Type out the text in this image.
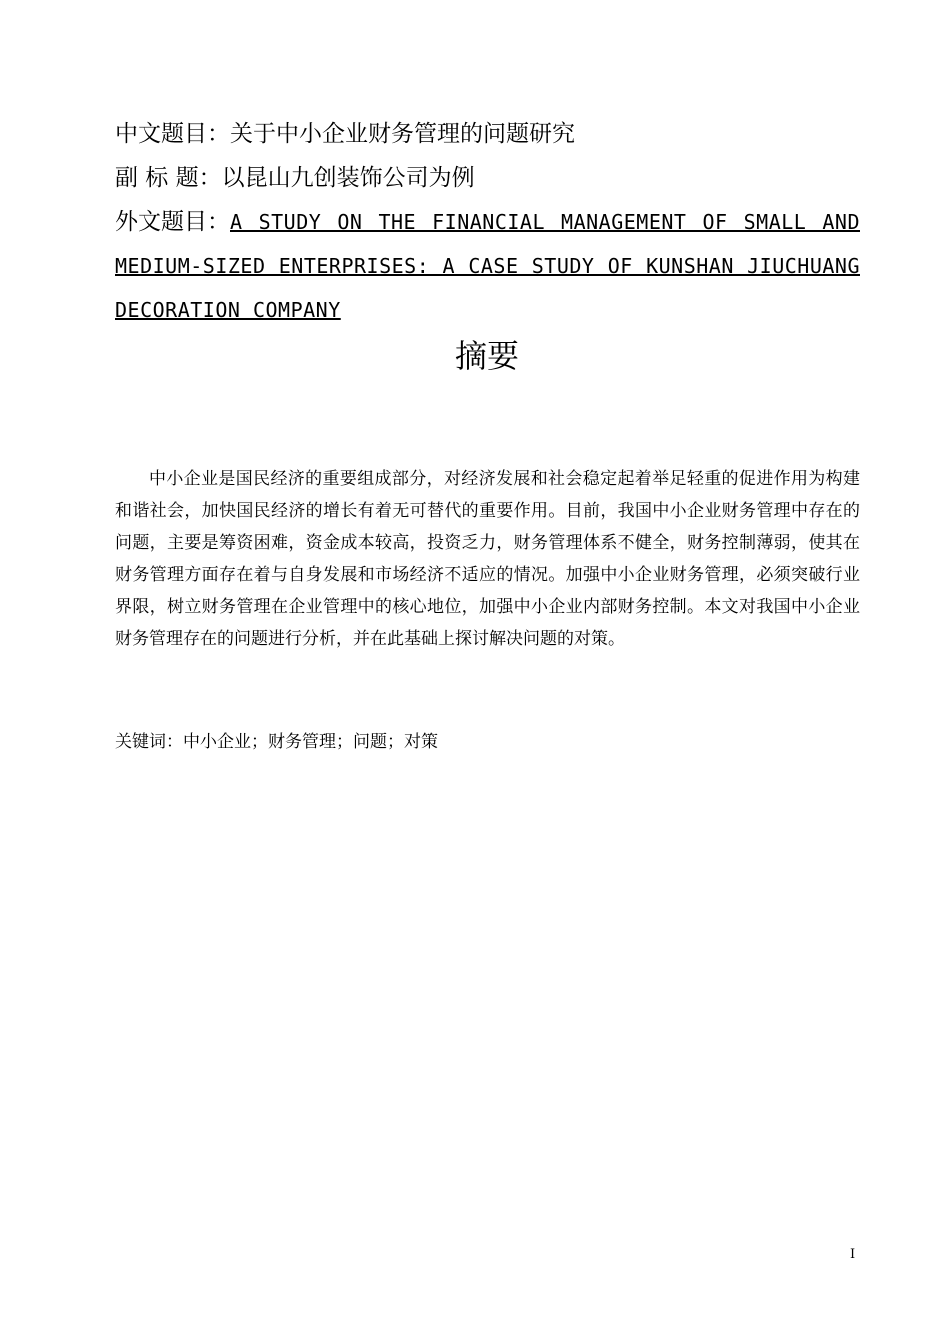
中文题目：关于中小企业财务管理的问题研究
副 标 题：以昆山九创装饰公司为例
外文题目： A STUDY ON THE FINANCIAL MANAGEMENT OF SMALL AND MEDIUM-SIZED ENTERPRISES: A CASE STUDY OF KUNSHAN JIUCHUANG DECORATION COMPANY
摘要

中小企业是国民经济的重要组成部分，对经济发展和社会稳定起着举足轻重的促进作用为构建和谐社会，加快国民经济的增长有着无可替代的重要作用。目前，我国中小企业财务管理中存在的问题，主要是筹资困难，资金成本较高，投资乏力，财务管理体系不健全，财务控制薄弱，使其在财务管理方面存在着与自身发展和市场经济不适应的情况。加强中小企业财务管理，必须突破行业界限，树立财务管理在企业管理中的核心地位，加强中小企业内部财务控制。本文对我国中小企业财务管理存在的问题进行分析，并在此基础上探讨解决问题的对策。

关键词：中小企业；财务管理；问题；对策
I
